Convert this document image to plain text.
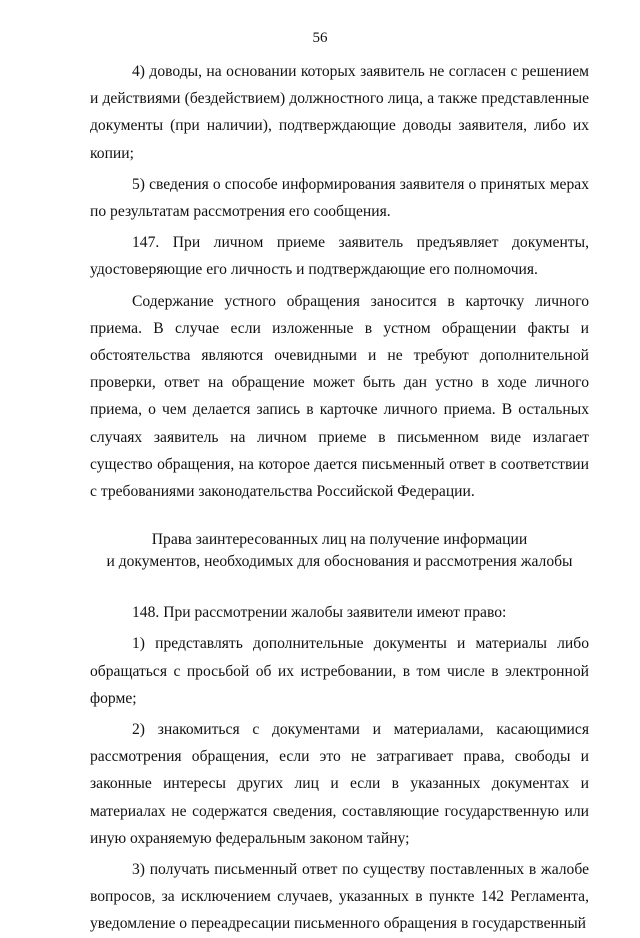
56

4) доводы, на основании которых заявитель не согласен с решением и действиями (бездействием) должностного лица, а также представленные документы (при наличии), подтверждающие доводы заявителя, либо их копии;

5) сведения о способе информирования заявителя о принятых мерах по результатам рассмотрения его сообщения.

147. При личном приеме заявитель предъявляет документы, удостоверяющие его личность и подтверждающие его полномочия.

Содержание устного обращения заносится в карточку личного приема. В случае если изложенные в устном обращении факты и обстоятельства являются очевидными и не требуют дополнительной проверки, ответ на обращение может быть дан устно в ходе личного приема, о чем делается запись в карточке личного приема. В остальных случаях заявитель на личном приеме в письменном виде излагает существо обращения, на которое дается письменный ответ в соответствии с требованиями законодательства Российской Федерации.

Права заинтересованных лиц на получение информации

и документов, необходимых для обоснования и рассмотрения жалобы

148. При рассмотрении жалобы заявители имеют право:

1) представлять дополнительные документы и материалы либо обращаться с просьбой об их истребовании, в том числе в электронной форме;

2) знакомиться с документами и материалами, касающимися рассмотрения обращения, если это не затрагивает права, свободы и законные интересы других лиц и если в указанных документах и материалах не содержатся сведения, составляющие государственную или иную охраняемую федеральным законом тайну;

3) получать письменный ответ по существу поставленных в жалобе вопросов, за исключением случаев, указанных в пункте 142 Регламента, уведомление о переадресации письменного обращения в государственный
